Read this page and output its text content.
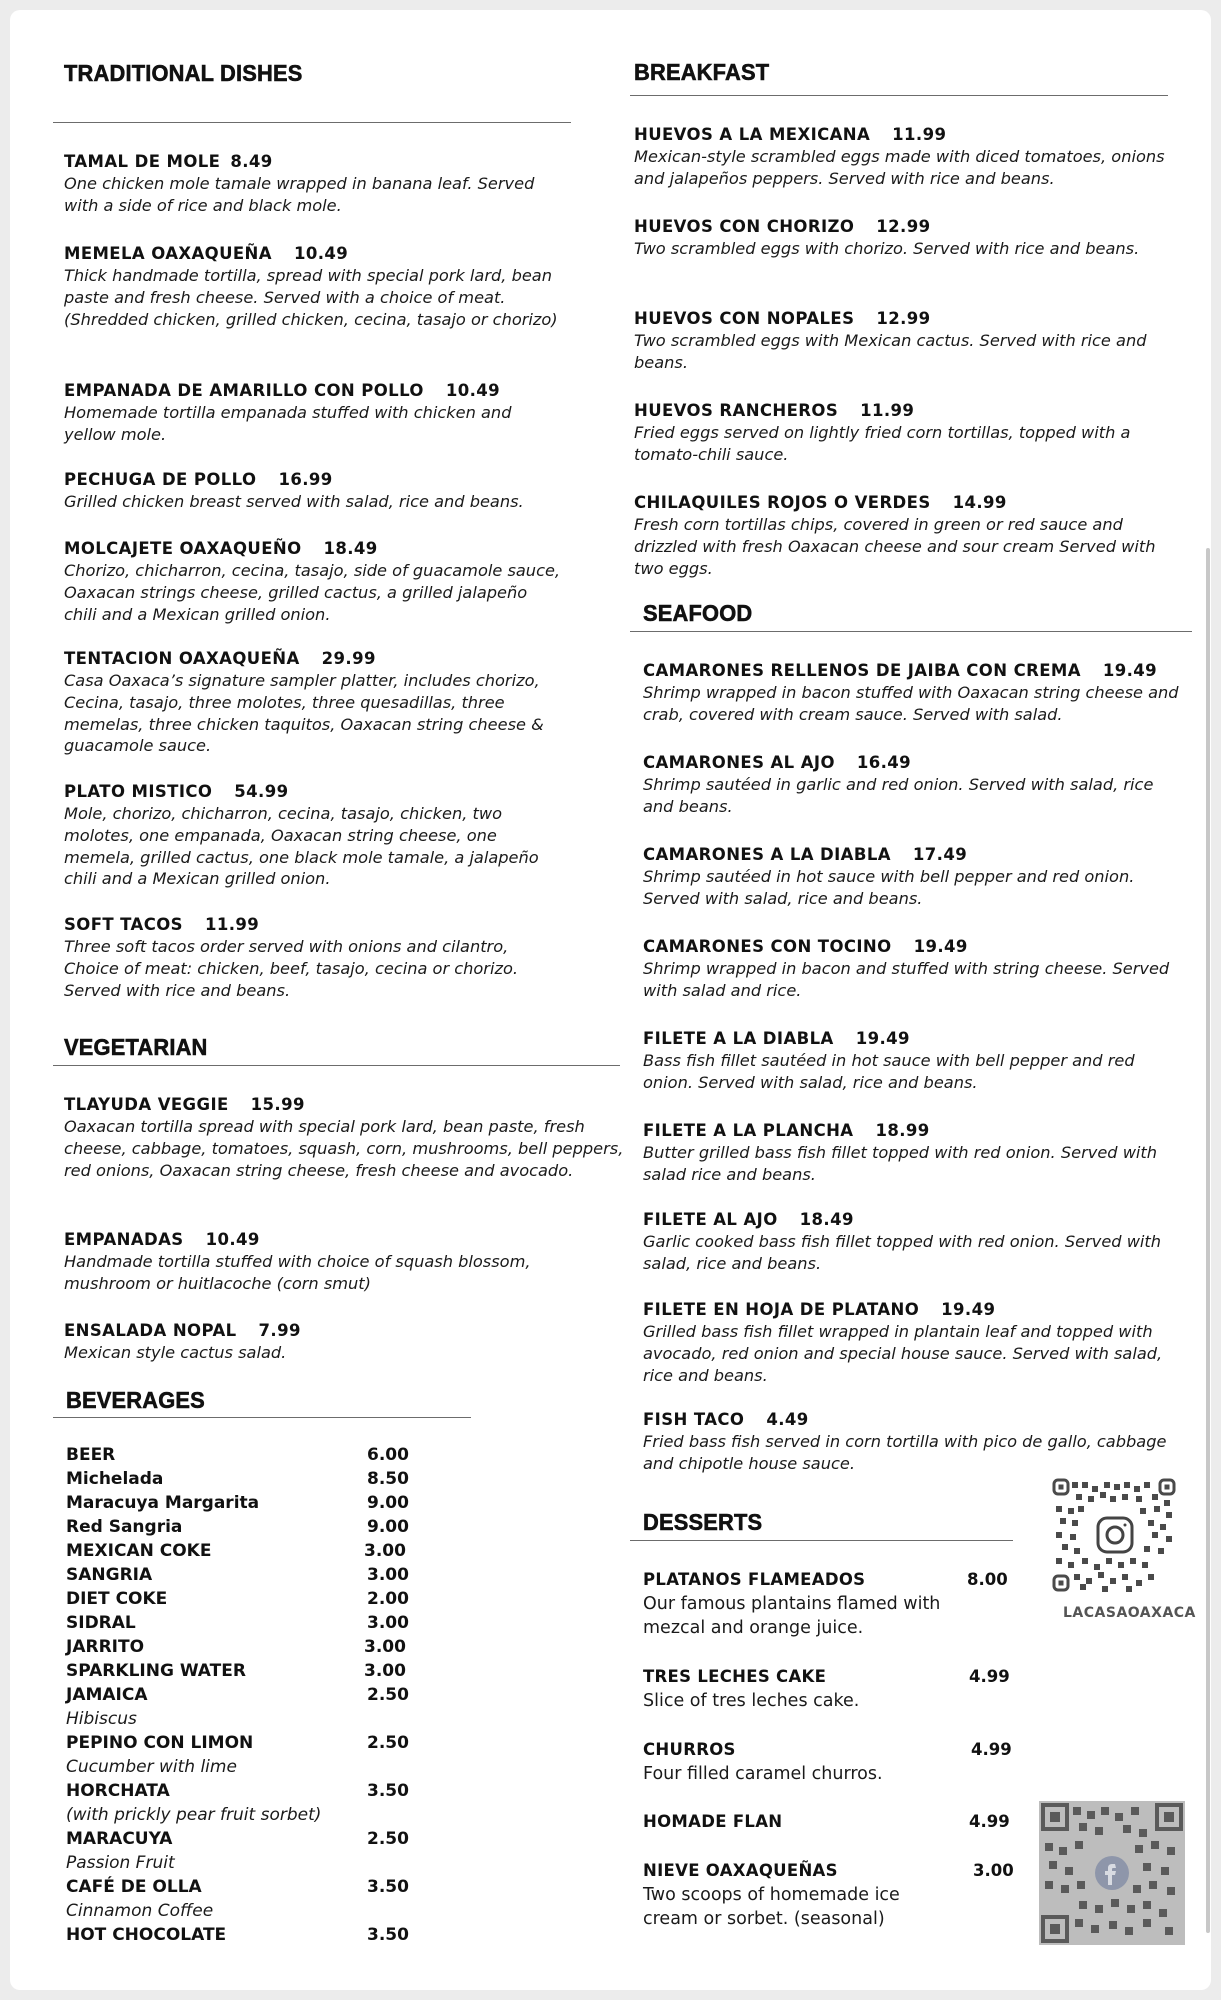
TRADITIONAL DISHES
VEGETARIAN
BEVERAGES
BREAKFAST
SEAFOOD
DESSERTS
TAMAL DE MOLE 8.49

One chicken mole tamale wrapped in banana leaf. Served with a side of rice and black mole.

MEMELA OAXAQUEÑA 10.49

Thick handmade tortilla, spread with special pork lard, bean paste and fresh cheese. Served with a choice of meat. (Shredded chicken, grilled chicken, cecina, tasajo or chorizo)

EMPANADA DE AMARILLO CON POLLO 10.49

Homemade tortilla empanada stuffed with chicken and yellow mole.

PECHUGA DE POLLO 16.99

Grilled chicken breast served with salad, rice and beans.

MOLCAJETE OAXAQUEÑO 18.49

Chorizo, chicharron, cecina, tasajo, side of guacamole sauce, Oaxacan strings cheese, grilled cactus, a grilled jalapeño chili and a Mexican grilled onion.

TENTACION OAXAQUEÑA 29.99

Casa Oaxaca’s signature sampler platter, includes chorizo, Cecina, tasajo, three molotes, three quesadillas, three memelas, three chicken taquitos, Oaxacan string cheese & guacamole sauce.

PLATO MISTICO 54.99

Mole, chorizo, chicharron, cecina, tasajo, chicken, two molotes, one empanada, Oaxacan string cheese, one memela, grilled cactus, one black mole tamale, a jalapeño chili and a Mexican grilled onion.

SOFT TACOS 11.99

Three soft tacos order served with onions and cilantro, Choice of meat: chicken, beef, tasajo, cecina or chorizo. Served with rice and beans.

TLAYUDA VEGGIE 15.99

Oaxacan tortilla spread with special pork lard, bean paste, fresh cheese, cabbage, tomatoes, squash, corn, mushrooms, bell peppers, red onions, Oaxacan string cheese, fresh cheese and avocado.

EMPANADAS 10.49

Handmade tortilla stuffed with choice of squash blossom, mushroom or huitlacoche (corn smut)

ENSALADA NOPAL 7.99

Mexican style cactus salad.

BEER	6.00
Michelada	8.50
Maracuya Margarita	9.00
Red Sangria	9.00
MEXICAN COKE	3.00
SANGRIA	3.00
DIET COKE	2.00
SIDRAL	3.00
JARRITO	3.00
SPARKLING WATER	3.00
JAMAICA	2.50
Hibiscus
PEPINO CON LIMON	2.50
Cucumber with lime
HORCHATA	3.50
(with prickly pear fruit sorbet)
MARACUYA	2.50
Passion Fruit
CAFÉ DE OLLA	3.50
Cinnamon Coffee
HOT CHOCOLATE	3.50
HUEVOS A LA MEXICANA 11.99

Mexican-style scrambled eggs made with diced tomatoes, onions and jalapeños peppers. Served with rice and beans.

HUEVOS CON CHORIZO 12.99

Two scrambled eggs with chorizo. Served with rice and beans.

HUEVOS CON NOPALES 12.99

Two scrambled eggs with Mexican cactus. Served with rice and beans.

HUEVOS RANCHEROS 11.99

Fried eggs served on lightly fried corn tortillas, topped with a tomato-chili sauce.

CHILAQUILES ROJOS O VERDES 14.99

Fresh corn tortillas chips, covered in green or red sauce and drizzled with fresh Oaxacan cheese and sour cream Served with two eggs.

CAMARONES RELLENOS DE JAIBA CON CREMA 19.49

Shrimp wrapped in bacon stuffed with Oaxacan string cheese and crab, covered with cream sauce. Served with salad.

CAMARONES AL AJO 16.49

Shrimp sautéed in garlic and red onion. Served with salad, rice and beans.

CAMARONES A LA DIABLA 17.49

Shrimp sautéed in hot sauce with bell pepper and red onion. Served with salad, rice and beans.

CAMARONES CON TOCINO 19.49

Shrimp wrapped in bacon and stuffed with string cheese. Served with salad and rice.

FILETE A LA DIABLA 19.49

Bass fish fillet sautéed in hot sauce with bell pepper and red onion. Served with salad, rice and beans.

FILETE A LA PLANCHA 18.99

Butter grilled bass fish fillet topped with red onion. Served with salad rice and beans.

FILETE AL AJO 18.49

Garlic cooked bass fish fillet topped with red onion. Served with salad, rice and beans.

FILETE EN HOJA DE PLATANO 19.49

Grilled bass fish fillet wrapped in plantain leaf and topped with avocado, red onion and special house sauce. Served with salad, rice and beans.

FISH TACO 4.49

Fried bass fish served in corn tortilla with pico de gallo, cabbage and chipotle house sauce.

PLATANOS FLAMEADOS	8.00

Our famous plantains flamed with mezcal and orange juice.

TRES LECHES CAKE	4.99

Slice of tres leches cake.

CHURROS	4.99

Four filled caramel churros.

HOMADE FLAN	4.99
NIEVE OAXAQUEÑAS	3.00

Two scoops of homemade ice cream or sorbet. (seasonal)

LACASAOAXACA
